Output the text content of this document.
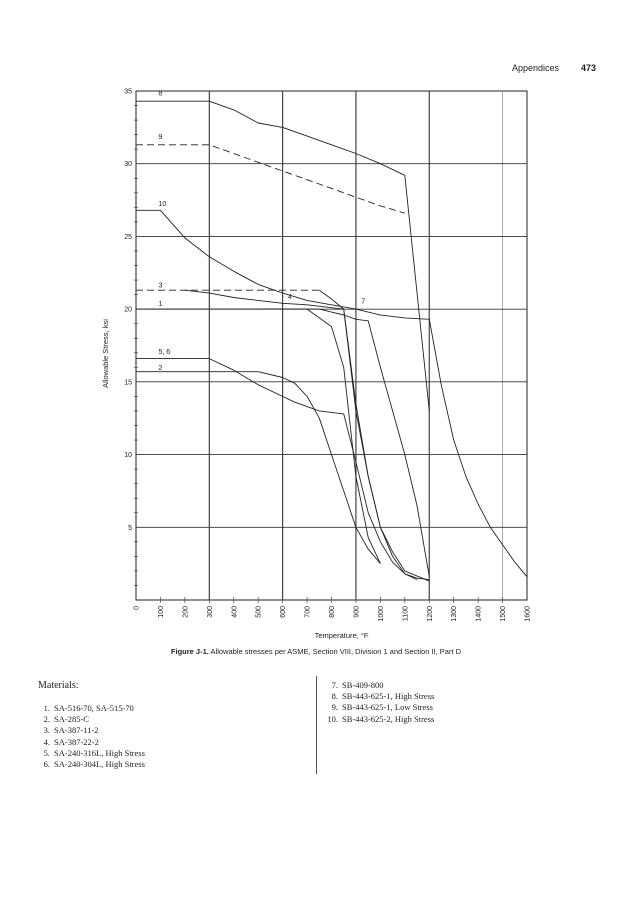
Appendices 473
5
10
15
20
25
30
35
0 100 200 300 400 500 600 700 800 900 1000 1100 1200 1300 1400 1500 1600
Temperature, °F
Allowable Stress, ksi
8
9
10
3
1
4
7
5, 6
2
Figure J-1. Allowable stresses per ASME, Section VIII, Division 1 and Section II, Part D
Materials:
1. SA-516-70, SA-515-70
2. SA-285-C
3. SA-387-11-2
4. SA-387-22-2
5. SA-240-316L, High Stress
6. SA-240-304L, High Stress
7. SB-409-800
8. SB-443-625-1, High Stress
9. SB-443-625-1, Low Stress
10. SB-443-625-2, High Stress
